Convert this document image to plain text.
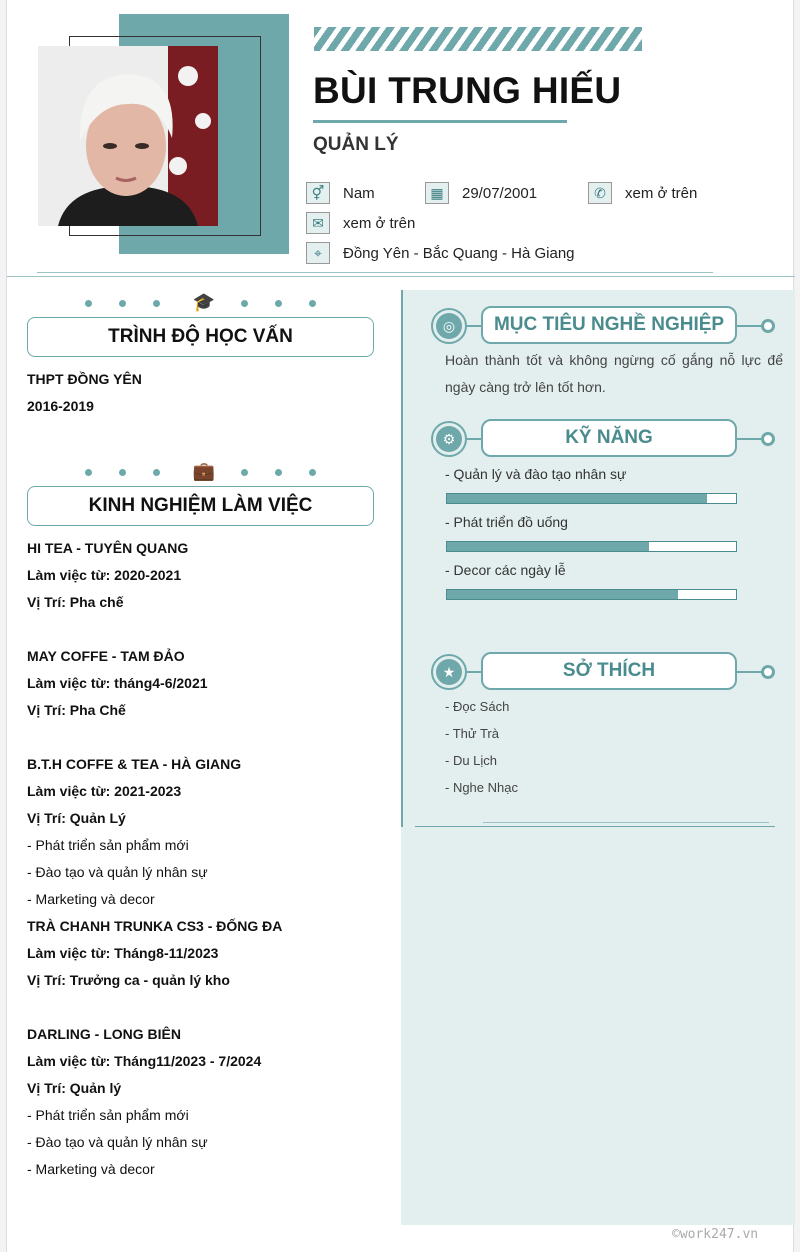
BÙI TRUNG HIẾU
QUẢN LÝ
⚥	Nam	▦	29/07/2001	✆	xem ở trên
✉	xem ở trên
⌖	Đồng Yên - Bắc Quang - Hà Giang
🎓
TRÌNH ĐỘ HỌC VẤN
THPT ĐỒNG YÊN
2016-2019
💼
KINH NGHIỆM LÀM VIỆC
HI TEA - TUYÊN QUANG
Làm việc từ: 2020-2021
Vị Trí: Pha chế
MAY COFFE - TAM ĐẢO
Làm việc từ: tháng4-6/2021
Vị Trí: Pha Chế
B.T.H COFFE & TEA - HÀ GIANG
Làm việc từ: 2021-2023
Vị Trí: Quản Lý
- Phát triển sản phẩm mới
- Đào tạo và quản lý nhân sự
- Marketing và decor
TRÀ CHANH TRUNKA CS3 - ĐỐNG ĐA
Làm việc từ: Tháng8-11/2023
Vị Trí: Trưởng ca - quản lý kho
DARLING - LONG BIÊN
Làm việc từ: Tháng11/2023 - 7/2024
Vị Trí: Quản lý
- Phát triển sản phẩm mới
- Đào tạo và quản lý nhân sự
- Marketing và decor
◎	MỤC TIÊU NGHỀ NGHIỆP
Hoàn thành tốt và không ngừng cố gắng nỗ lực để ngày càng trở lên tốt hơn.
⚙	KỸ NĂNG
- Quản lý và đào tạo nhân sự
- Phát triển đồ uống
- Decor các ngày lễ
★	SỞ THÍCH
- Đọc Sách
- Thử Trà
- Du Lịch
- Nghe Nhạc
©work247.vn
